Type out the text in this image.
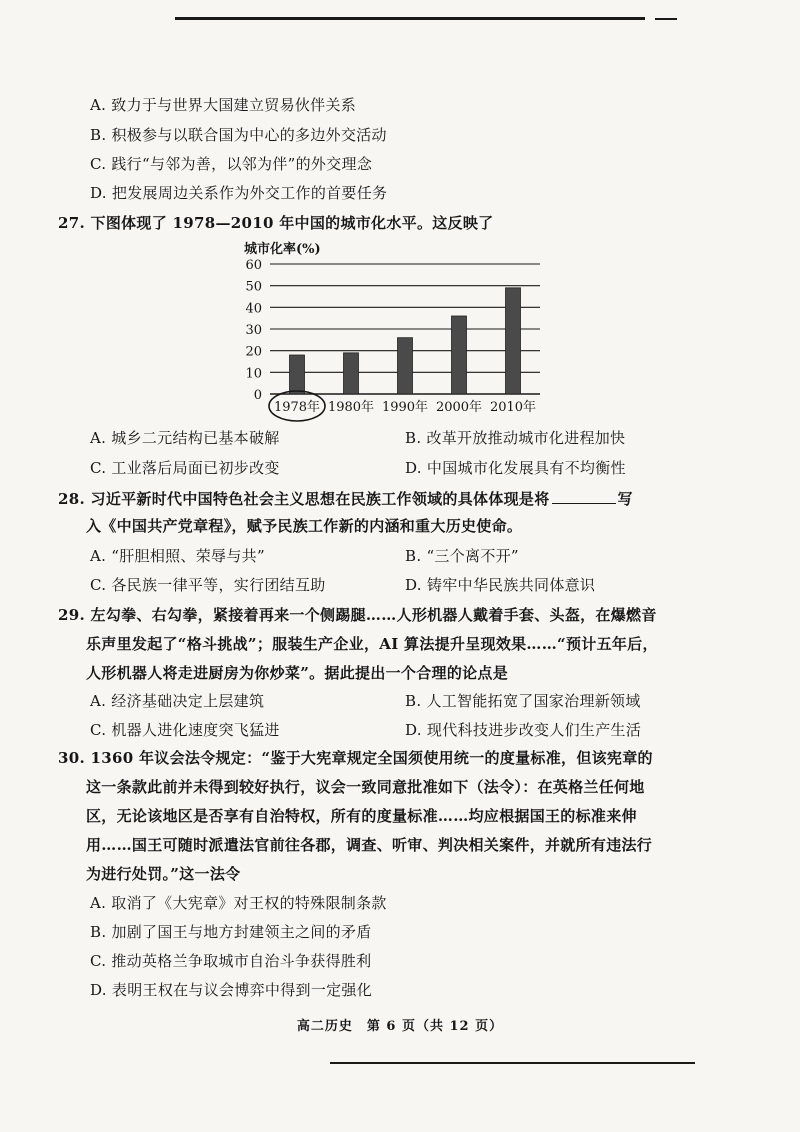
A. 致力于与世界大国建立贸易伙伴关系
B. 积极参与以联合国为中心的多边外交活动
C. 践行“与邻为善，以邻为伴”的外交理念
D. 把发展周边关系作为外交工作的首要任务
27. 下图体现了 1978—2010 年中国的城市化水平。这反映了
城市化率(%)
0
10
20
30
40
50
60
1978年 1980年 1990年 2000年 2010年
A. 城乡二元结构已基本破解	B. 改革开放推动城市化进程加快
C. 工业落后局面已初步改变	D. 中国城市化发展具有不均衡性
28. 习近平新时代中国特色社会主义思想在民族工作领域的具体体现是将	写
入《中国共产党章程》，赋予民族工作新的内涵和重大历史使命。
A. “肝胆相照、荣辱与共”	B. “三个离不开”
C. 各民族一律平等，实行团结互助	D. 铸牢中华民族共同体意识
29. 左勾拳、右勾拳，紧接着再来一个侧踢腿……人形机器人戴着手套、头盔，在爆燃音
乐声里发起了“格斗挑战”；服装生产企业，AI 算法提升呈现效果……“预计五年后，
人形机器人将走进厨房为你炒菜”。据此提出一个合理的论点是
A. 经济基础决定上层建筑	B. 人工智能拓宽了国家治理新领域
C. 机器人进化速度突飞猛进	D. 现代科技进步改变人们生产生活
30. 1360 年议会法令规定：“鉴于大宪章规定全国须使用统一的度量标准，但该宪章的
这一条款此前并未得到较好执行，议会一致同意批准如下（法令）：在英格兰任何地
区，无论该地区是否享有自治特权，所有的度量标准……均应根据国王的标准来伸
用……国王可随时派遣法官前往各郡，调查、听审、判决相关案件，并就所有违法行
为进行处罚。”这一法令
A. 取消了《大宪章》对王权的特殊限制条款
B. 加剧了国王与地方封建领主之间的矛盾
C. 推动英格兰争取城市自治斗争获得胜利
D. 表明王权在与议会博弈中得到一定强化
高二历史　第 6 页（共 12 页）
